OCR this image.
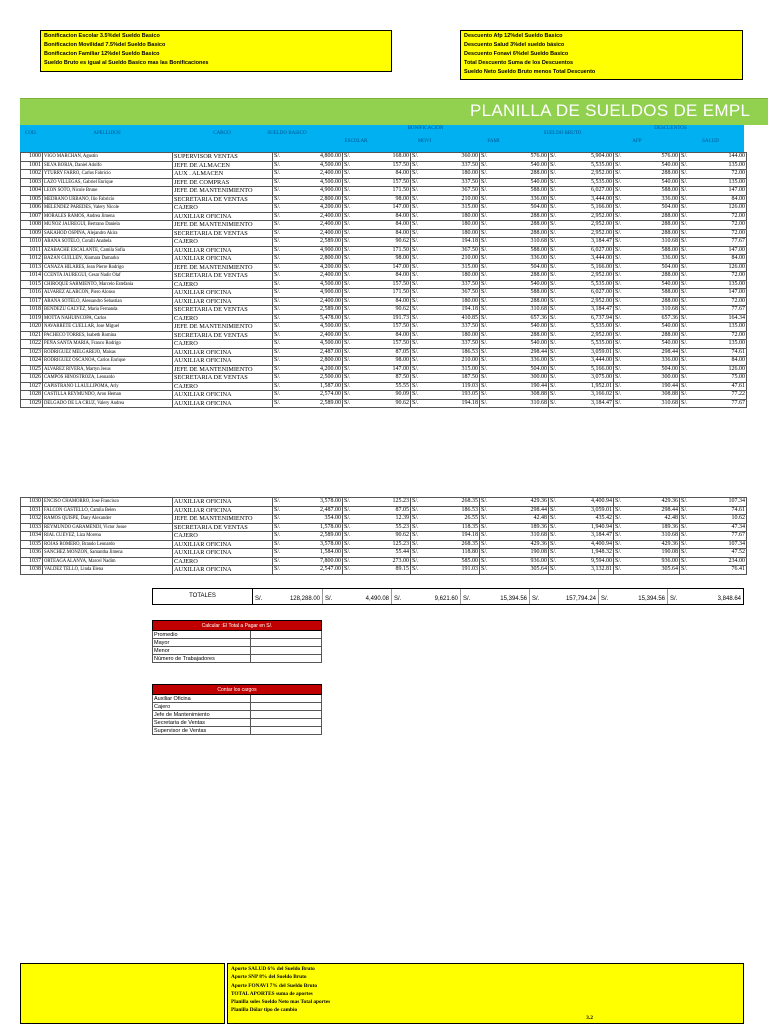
Bonificacion Escolar 3.5%del Sueldo Basico
Bonificacion Movilidad 7.5%del Sueldo Basico
Bonificacion Familiar 12%del Sueldo Basico
Sueldo Bruto es igual al Sueldo Basico mas las Bonificaciones
Descuento Afp 12%del Sueldo Basico
Descuento Salud 3%del sueldo básico
Descuento Fonavi 6%del Sueldo Basico
Total Descuento Suma de los Descuentos
Sueldo Neto Sueldo Bruto menos Total Descuento
PLANILLA DE SUELDOS DE EMPL
COD.	APELLIDOS	CARGO	SUELDO BASICO
BONIFICACION
ESCOLAR	MOVI	FAMI
SUELDO BRUTO
DESCUENTOS
AFP	SALUD
1000	VIGO MARCHAN, Agustin	SUPERVISOR VENTAS	S/.	4,800.00	S/.	168.00	S/.	360.00	S/.	576.00	S/.	5,904.00	S/.	576.00	S/.	144.00
1001	SILVA BORJA, Daniel Adolfo	JEFE DE ALMACEN	S/.	4,500.00	S/.	157.50	S/.	337.50	S/.	540.00	S/.	5,535.00	S/.	540.00	S/.	135.00
1002	YTURRY FARRO, Carlos Fabricio	AUX . ALMACEN	S/.	2,400.00	S/.	84.00	S/.	180.00	S/.	288.00	S/.	2,952.00	S/.	288.00	S/.	72.00
1003	LAZO VILLEGAS, Gabriel Enrique	JEFE DE COMPRAS	S/.	4,500.00	S/.	157.50	S/.	337.50	S/.	540.00	S/.	5,535.00	S/.	540.00	S/.	135.00
1004	LEON SOTO, Nicole Brune	JEFE DE MANTENIMIENTO	S/.	4,900.00	S/.	171.50	S/.	367.50	S/.	588.00	S/.	6,027.00	S/.	588.00	S/.	147.00
1005	MEDRANO URBANO, Ilio Fabricio	SECRETARIA DE VENTAS	S/.	2,800.00	S/.	98.00	S/.	210.00	S/.	336.00	S/.	3,444.00	S/.	336.00	S/.	84.00
1006	MELENDEZ PAREDES, Valery Nicole	CAJERO	S/.	4,200.00	S/.	147.00	S/.	315.00	S/.	504.00	S/.	5,166.00	S/.	504.00	S/.	126.00
1007	MORALES RAMOS, Andrea Jimena	AUXILIAR OFICINA	S/.	2,400.00	S/.	84.00	S/.	180.00	S/.	288.00	S/.	2,952.00	S/.	288.00	S/.	72.00
1008	MUÑOZ JAUREGUI, Bertrano Daniela	JEFE DE MANTENIMIENTO	S/.	2,400.00	S/.	84.00	S/.	180.00	S/.	288.00	S/.	2,952.00	S/.	288.00	S/.	72.00
1009	SAKAHOD OSPINA, Alejandro Akira	SECRETARIA DE VENTAS	S/.	2,400.00	S/.	84.00	S/.	180.00	S/.	288.00	S/.	2,952.00	S/.	288.00	S/.	72.00
1010	ARANA SOTELO, Coralli Anabela	CAJERO	S/.	2,589.00	S/.	90.62	S/.	194.18	S/.	310.68	S/.	3,184.47	S/.	310.68	S/.	77.67
1011	AZABACHE ESCALANTE, Camila Sofia	AUXILIAR OFICINA	S/.	4,900.00	S/.	171.50	S/.	367.50	S/.	588.00	S/.	6,027.00	S/.	588.00	S/.	147.00
1012	BAZAN GUILLEN, Xiomara Damarko	AUXILIAR OFICINA	S/.	2,800.00	S/.	98.00	S/.	210.00	S/.	336.00	S/.	3,444.00	S/.	336.00	S/.	84.00
1013	CANAZA HILARES, Jean Pierre Rodrigo	JEFE DE MANTENIMIENTO	S/.	4,200.00	S/.	147.00	S/.	315.00	S/.	504.00	S/.	5,166.00	S/.	504.00	S/.	126.00
1014	CCENTA JAUREGUI, Cesar Nadir Olaf	SECRETARIA DE VENTAS	S/.	2,400.00	S/.	84.00	S/.	180.00	S/.	288.00	S/.	2,952.00	S/.	288.00	S/.	72.00
1015	CHIROQUE SARMIENTO, Marcelo Estefania	CAJERO	S/.	4,500.00	S/.	157.50	S/.	337.50	S/.	540.00	S/.	5,535.00	S/.	540.00	S/.	135.00
1016	ALVAREZ ALARCON, Piero Alonso	AUXILIAR OFICINA	S/.	4,900.00	S/.	171.50	S/.	367.50	S/.	588.00	S/.	6,027.00	S/.	588.00	S/.	147.00
1017	ARANA SOTELO, Alessandro Sebastian	AUXILIAR OFICINA	S/.	2,400.00	S/.	84.00	S/.	180.00	S/.	288.00	S/.	2,952.00	S/.	288.00	S/.	72.00
1018	BENDEZU GALVEZ, Maria Fernanda	SECRETARIA DE VENTAS	S/.	2,589.00	S/.	90.62	S/.	194.18	S/.	310.68	S/.	3,184.47	S/.	310.68	S/.	77.67
1019	MOTTA NAHUINCOPA, Carlos	CAJERO	S/.	5,478.00	S/.	191.73	S/.	410.85	S/.	657.36	S/.	6,737.94	S/.	657.36	S/.	164.34
1020	NAVARRETE CUELLAR, Jose Miguel	JEFE DE MANTENIMIENTO	S/.	4,500.00	S/.	157.50	S/.	337.50	S/.	540.00	S/.	5,535.00	S/.	540.00	S/.	135.00
1021	PACHECO TORRES, Isabeth Romina	SECRETARIA DE VENTAS	S/.	2,400.00	S/.	84.00	S/.	180.00	S/.	288.00	S/.	2,952.00	S/.	288.00	S/.	72.00
1022	PEÑA SANTA MARIA, Franco Rodrigo	CAJERO	S/.	4,500.00	S/.	157.50	S/.	337.50	S/.	540.00	S/.	5,535.00	S/.	540.00	S/.	135.00
1023	RODRIGUEZ MELGAREJO, Maisas	AUXILIAR OFICINA	S/.	2,487.00	S/.	87.05	S/.	186.53	S/.	298.44	S/.	3,059.01	S/.	298.44	S/.	74.61
1024	RODRIGUEZ OSCANOA, Carlos Enrique	AUXILIAR OFICINA	S/.	2,800.00	S/.	98.00	S/.	210.00	S/.	336.00	S/.	3,444.00	S/.	336.00	S/.	84.00
1025	ALVAREZ RIVERA, Martyn Jesus	JEFE DE MANTENIMIENTO	S/.	4,200.00	S/.	147.00	S/.	315.00	S/.	504.00	S/.	5,166.00	S/.	504.00	S/.	126.00
1026	CAMPOS HINOSTROZA, Leonardo	SECRETARIA DE VENTAS	S/.	2,500.00	S/.	87.50	S/.	187.50	S/.	300.00	S/.	3,075.00	S/.	300.00	S/.	75.00
1027	CAPISTRANO LLAULLIPOMA, Arly	CAJERO	S/.	1,587.00	S/.	55.55	S/.	119.03	S/.	190.44	S/.	1,952.01	S/.	190.44	S/.	47.61
1028	CASTILLA REYMUNDO, Aron Heman	AUXILIAR OFICINA	S/.	2,574.00	S/.	90.09	S/.	193.05	S/.	308.88	S/.	3,166.02	S/.	308.88	S/.	77.22
1029	DELGADO DE LA CRUZ, Valery Andrea	AUXILIAR OFICINA	S/.	2,589.00	S/.	90.62	S/.	194.18	S/.	310.68	S/.	3,184.47	S/.	310.68	S/.	77.67
1030	ENCISO CHAMORRO, Jose Francisco	AUXILIAR OFICINA	S/.	3,578.00	S/.	125.23	S/.	268.35	S/.	429.36	S/.	4,400.94	S/.	429.36	S/.	107.34
1031	FALCON GASTELLO, Camila Belen	AUXILIAR OFICINA	S/.	2,487.00	S/.	87.05	S/.	186.53	S/.	298.44	S/.	3,059.01	S/.	298.44	S/.	74.61
1032	RAMOS QUISPE, Dany Alexander	JEFE DE MANTENIMIENTO	S/.	354.00	S/.	12.39	S/.	26.55	S/.	42.48	S/.	435.42	S/.	42.48	S/.	10.62
1033	REYMUNDO GARAMENDI, Victor Josue	SECRETARIA DE VENTAS	S/.	1,578.00	S/.	55.23	S/.	118.35	S/.	189.36	S/.	1,940.94	S/.	189.36	S/.	47.34
1034	RIAL CUEVEZ, Liza Morena	CAJERO	S/.	2,589.00	S/.	90.62	S/.	194.18	S/.	310.68	S/.	3,184.47	S/.	310.68	S/.	77.67
1035	ROJAS ROMERO, Brando Leonardo	AUXILIAR OFICINA	S/.	3,578.00	S/.	125.23	S/.	268.35	S/.	429.36	S/.	4,400.94	S/.	429.36	S/.	107.34
1036	SANCHEZ MONZON, Samantha Jimena	AUXILIAR OFICINA	S/.	1,584.00	S/.	55.44	S/.	118.80	S/.	190.08	S/.	1,948.32	S/.	190.08	S/.	47.52
1037	ORTEAGA ALANYA, Marcel Nadim	CAJERO	S/.	7,800.00	S/.	273.00	S/.	585.00	S/.	936.00	S/.	9,594.00	S/.	936.00	S/.	234.00
1038	VALDEZ TELLO, Linda Elena	AUXILIAR OFICINA	S/.	2,547.00	S/.	89.15	S/.	191.03	S/.	305.64	S/.	3,132.81	S/.	305.64	S/.	76.41
TOTALES	S/.	128,288.00 S/.	4,490.08 S/.	9,621.60 S/.	15,394.56 S/.	157,794.24 S/.	15,394.56 S/.	3,848.64
Calcular :El Total a Pagar en S/.	
Promedio	
Mayor	
Menor	
Número de Trabajadores	
Contar los cargos	
Auxiliar Oficina	
Cajero	
Jefe de Mantenimiento	
Secretaria de Ventas	
Supervisor de Ventas	
Aporte SALUD 6% del Sueldo Bruto
Aporte SNP 8% del Sueldo Bruto
Aporte FONAVI 7% del Sueldo Bruto
TOTAL APORTES suma de aportes
Planilla soles Sueldo Neto mas Total aportes
Planilla Dólar tipo de cambio
3.2
